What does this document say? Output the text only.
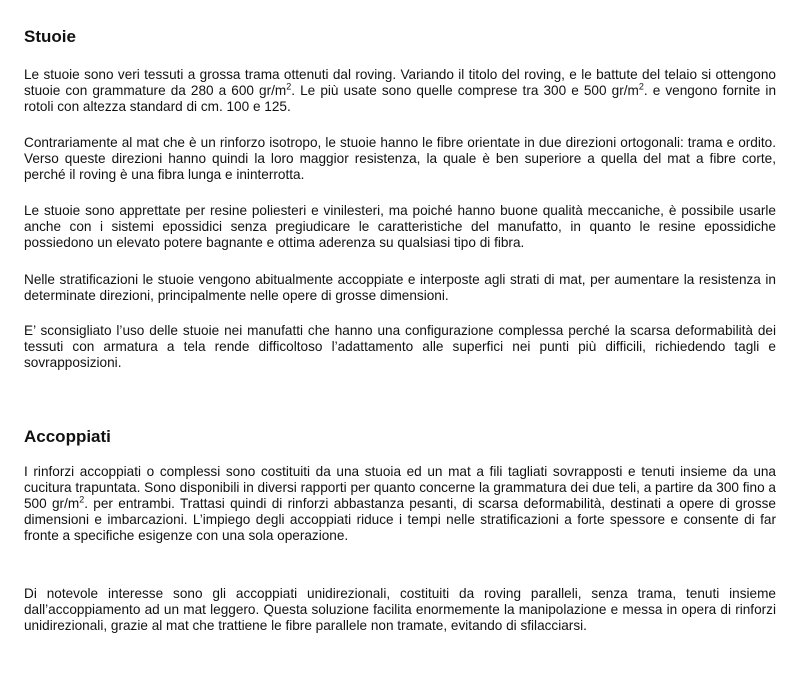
Stuoie

Le stuoie sono veri tessuti a grossa trama ottenuti dal roving. Variando il titolo del roving, e le battute del telaio si ottengono stuoie con grammature da 280 a 600 $gr/m^2$. Le più usate sono quelle comprese tra 300 e 500 $gr/m^2$. e vengono fornite in rotoli con altezza standard di cm. 100 e 125.

Contrariamente al mat che è un rinforzo isotropo, le stuoie hanno le fibre orientate in due direzioni ortogonali: trama e ordito. Verso queste direzioni hanno quindi la loro maggior resistenza, la quale è ben superiore a quella del mat a fibre corte, perché il roving è una fibra lunga e ininterrotta.

Le stuoie sono apprettate per resine poliesteri e vinilesteri, ma poiché hanno buone qualità meccaniche, è possibile usarle anche con i sistemi epossidici senza pregiudicare le caratteristiche del manufatto, in quanto le resine epossidiche possiedono un elevato potere bagnante e ottima aderenza su qualsiasi tipo di fibra.

Nelle stratificazioni le stuoie vengono abitualmente accoppiate e interposte agli strati di mat, per aumentare la resistenza in determinate direzioni, principalmente nelle opere di grosse dimensioni.

E’ sconsigliato l’uso delle stuoie nei manufatti che hanno una configurazione complessa perché la scarsa deformabilità dei tessuti con armatura a tela rende difficoltoso l’adattamento alle superfici nei punti più difficili, richiedendo tagli e sovrapposizioni.

Accoppiati

I rinforzi accoppiati o complessi sono costituiti da una stuoia ed un mat a fili tagliati sovrapposti e tenuti insieme da una cucitura trapuntata. Sono disponibili in diversi rapporti per quanto concerne la grammatura dei due teli, a partire da 300 fino a 500 $gr/m^2$. per entrambi. Trattasi quindi di rinforzi abbastanza pesanti, di scarsa deformabilità, destinati a opere di grosse dimensioni e imbarcazioni. L’impiego degli accoppiati riduce i tempi nelle stratificazioni a forte spessore e consente di far fronte a specifiche esigenze con una sola operazione.

Di notevole interesse sono gli accoppiati unidirezionali, costituiti da roving paralleli, senza trama, tenuti insieme dall’accoppiamento ad un mat leggero. Questa soluzione facilita enormemente la manipolazione e messa in opera di rinforzi unidirezionali, grazie al mat che trattiene le fibre parallele non tramate, evitando di sfilacciarsi.
